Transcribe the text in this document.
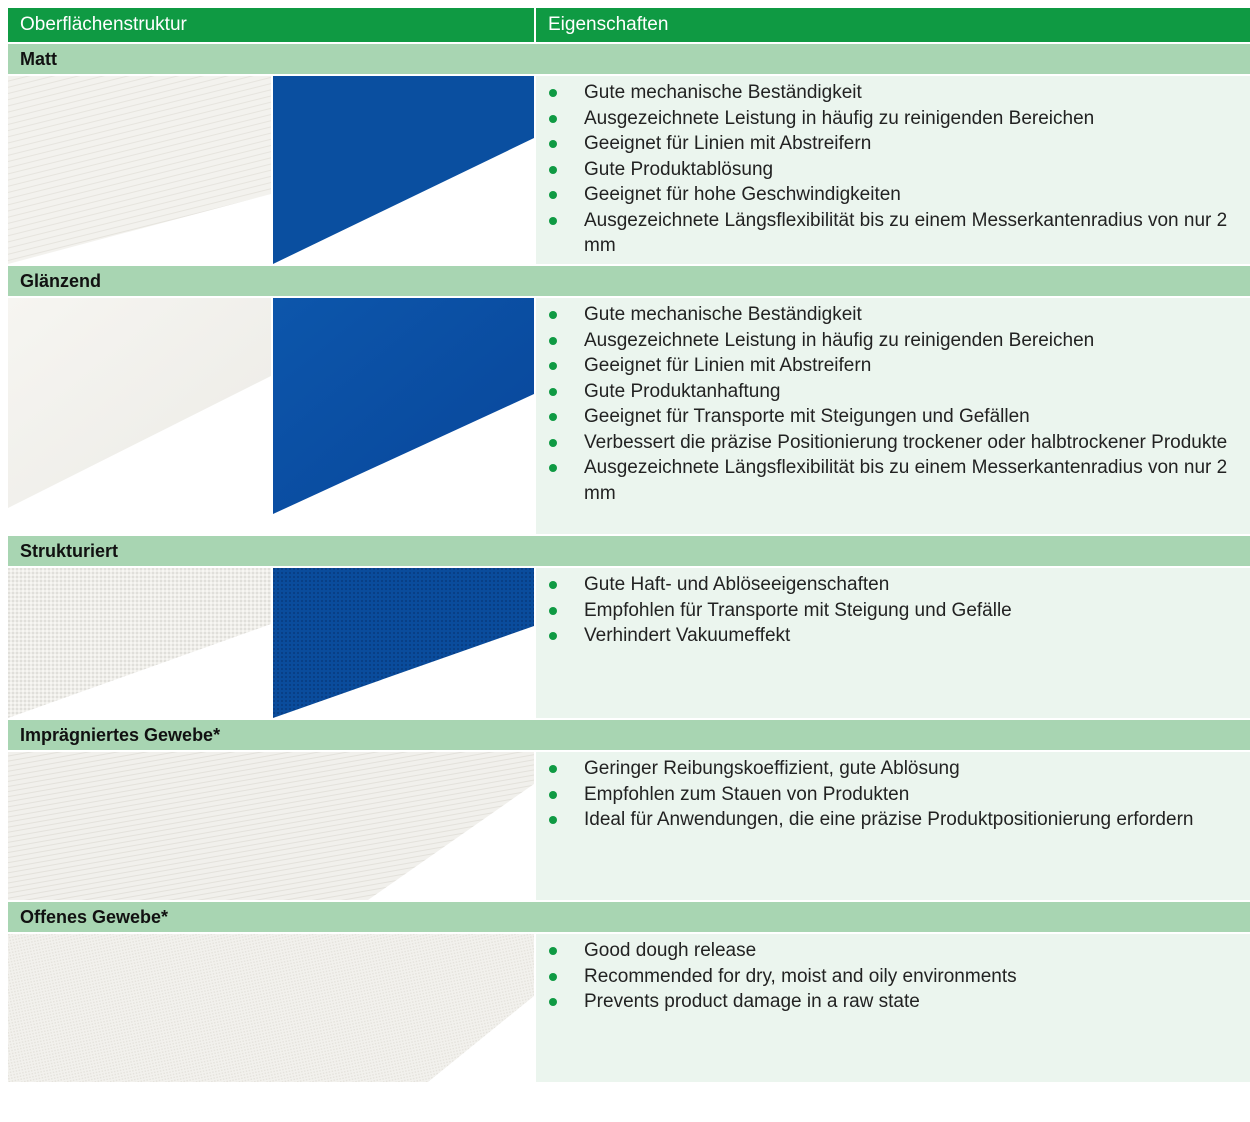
Oberflächenstruktur	Eigenschaften
Matt
Gute mechanische Beständigkeit
Ausgezeichnete Leistung in häufig zu reinigenden Bereichen
Geeignet für Linien mit Abstreifern
Gute Produktablösung
Geeignet für hohe Geschwindigkeiten
Ausgezeichnete Längsflexibilität bis zu einem Messerkantenradius von nur 2 mm
Glänzend
Gute mechanische Beständigkeit
Ausgezeichnete Leistung in häufig zu reinigenden Bereichen
Geeignet für Linien mit Abstreifern
Gute Produktanhaftung
Geeignet für Transporte mit Steigungen und Gefällen
Verbessert die präzise Positionierung trockener oder halbtrockener Produkte
Ausgezeichnete Längsflexibilität bis zu einem Messerkantenradius von nur 2 mm
Strukturiert
Gute Haft- und Ablöseeigenschaften
Empfohlen für Transporte mit Steigung und Gefälle
Verhindert Vakuumeffekt
Imprägniertes Gewebe*
Geringer Reibungskoeffizient, gute Ablösung
Empfohlen zum Stauen von Produkten
Ideal für Anwendungen, die eine präzise Produktpositionierung erfordern
Offenes Gewebe*
Good dough release
Recommended for dry, moist and oily environments
Prevents product damage in a raw state
